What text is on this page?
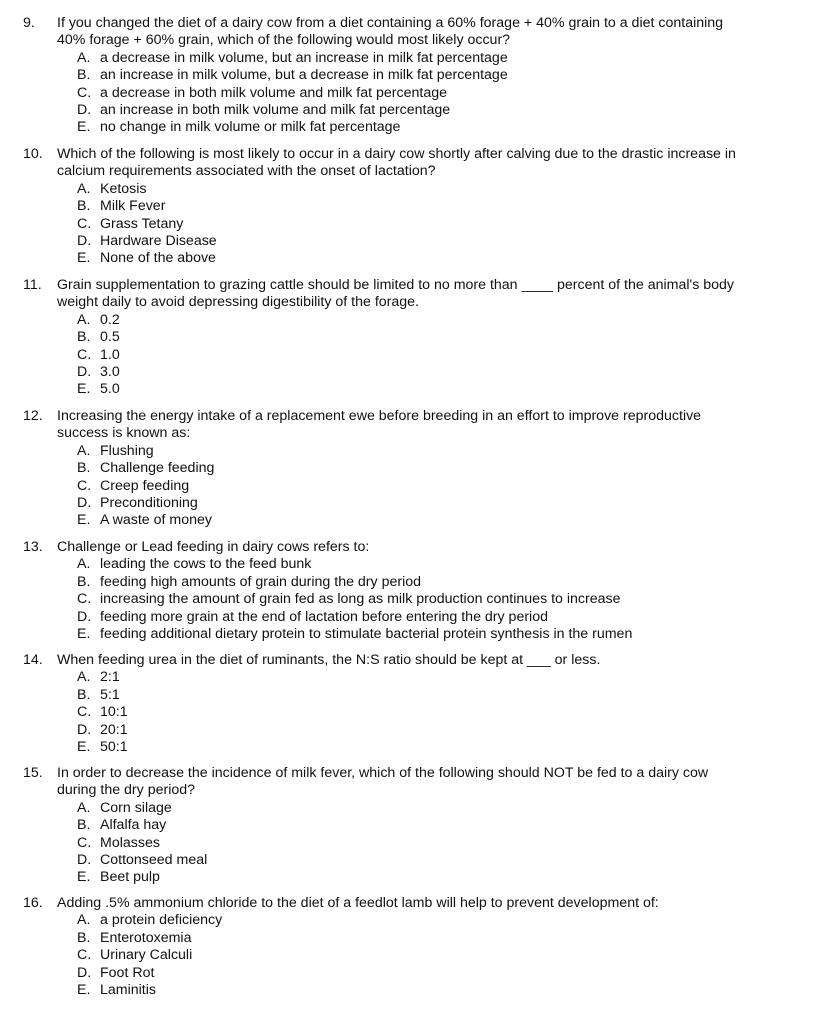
9. If you changed the diet of a dairy cow from a diet containing a 60% forage + 40% grain to a diet containing
40% forage + 60% grain, which of the following would most likely occur?
A. a decrease in milk volume, but an increase in milk fat percentage
B. an increase in milk volume, but a decrease in milk fat percentage
C. a decrease in both milk volume and milk fat percentage
D. an increase in both milk volume and milk fat percentage
E. no change in milk volume or milk fat percentage
10. Which of the following is most likely to occur in a dairy cow shortly after calving due to the drastic increase in
calcium requirements associated with the onset of lactation?
A. Ketosis
B. Milk Fever
C. Grass Tetany
D. Hardware Disease
E. None of the above
11. Grain supplementation to grazing cattle should be limited to no more than ____ percent of the animal's body
weight daily to avoid depressing digestibility of the forage.
A. 0.2
B. 0.5
C. 1.0
D. 3.0
E. 5.0
12. Increasing the energy intake of a replacement ewe before breeding in an effort to improve reproductive
success is known as:
A. Flushing
B. Challenge feeding
C. Creep feeding
D. Preconditioning
E. A waste of money
13. Challenge or Lead feeding in dairy cows refers to:
A. leading the cows to the feed bunk
B. feeding high amounts of grain during the dry period
C. increasing the amount of grain fed as long as milk production continues to increase
D. feeding more grain at the end of lactation before entering the dry period
E. feeding additional dietary protein to stimulate bacterial protein synthesis in the rumen
14. When feeding urea in the diet of ruminants, the N:S ratio should be kept at ___ or less.
A. 2:1
B. 5:1
C. 10:1
D. 20:1
E. 50:1
15. In order to decrease the incidence of milk fever, which of the following should NOT be fed to a dairy cow
during the dry period?
A. Corn silage
B. Alfalfa hay
C. Molasses
D. Cottonseed meal
E. Beet pulp
16. Adding .5% ammonium chloride to the diet of a feedlot lamb will help to prevent development of:
A. a protein deficiency
B. Enterotoxemia
C. Urinary Calculi
D. Foot Rot
E. Laminitis
